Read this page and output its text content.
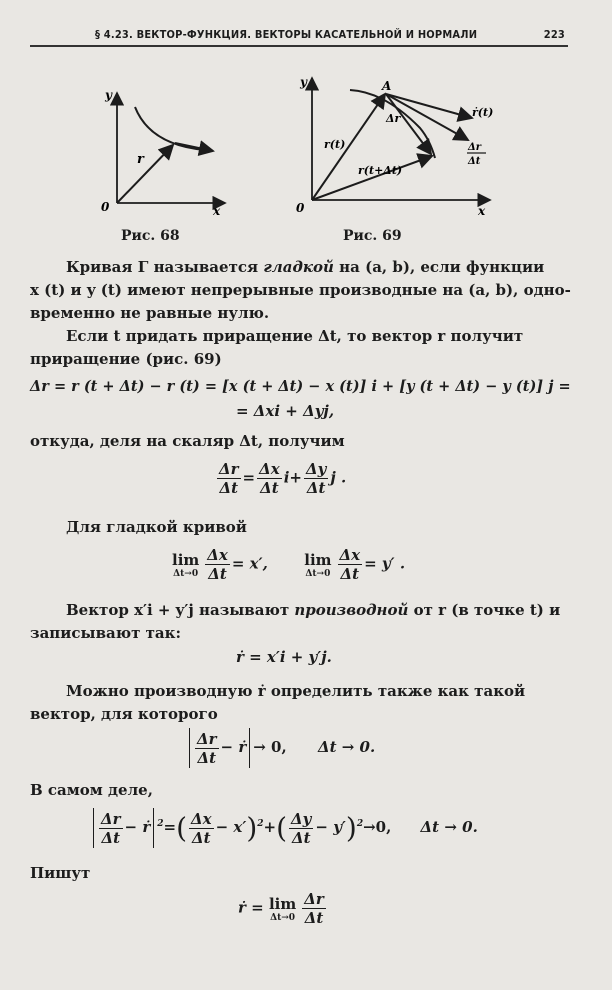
§ 4.23. ВЕКТОР-ФУНКЦИЯ. ВЕКТОРЫ КАСАТЕЛЬНОЙ И НОРМАЛИ	223
y
x
0
r
Рис. 68
y
x
0
A
r(t)
r(t+Δt)
Δr	ṙ(t)
Δr
Δt
Рис. 69
Кривая Γ называется гладкой на (a, b), если функции
x (t) и y (t) имеют непрерывные производные на (a, b), одно-
временно не равные нулю.
Если t придать приращение Δt, то вектор r получит
приращение (рис. 69)
Δr = r (t + Δt) − r (t) = [x (t + Δt) − x (t)] i + [y (t + Δt) − y (t)] j =
= Δxi + Δyj,
откуда, деля на скаляр Δt, получим
$\frac{\Delta r}{\Delta t} = \frac{\Delta x}{\Delta t} i+ \frac{\Delta y}{\Delta t}$ j .
Для гладкой кривой
lim
$\Delta t\to 0 \frac{\Delta x}{\Delta t} = x'$, lim
$\Delta t\to 0 \frac{\Delta x}{\Delta t} = y'$ .
Вектор x′i + y′j называют производной от r (в точке t) и
записывают так:
ṙ = x′i + y′j.
Можно производную ṙ определить также как такой
вектор, для которого
$\frac{\Delta r}{\Delta t}$ − ṙ → 0, Δt → 0.
В самом деле,
$\frac{\Delta r}{\Delta t}$ − ṙ $^2=( \frac{\Delta x}{\Delta t} - x')^2+( \frac{\Delta y}{\Delta t} - y')^2\to 0$, Δt → 0.
Пишут
ṙ = lim
$\Delta t\to 0 \frac{\Delta r}{\Delta t}$
